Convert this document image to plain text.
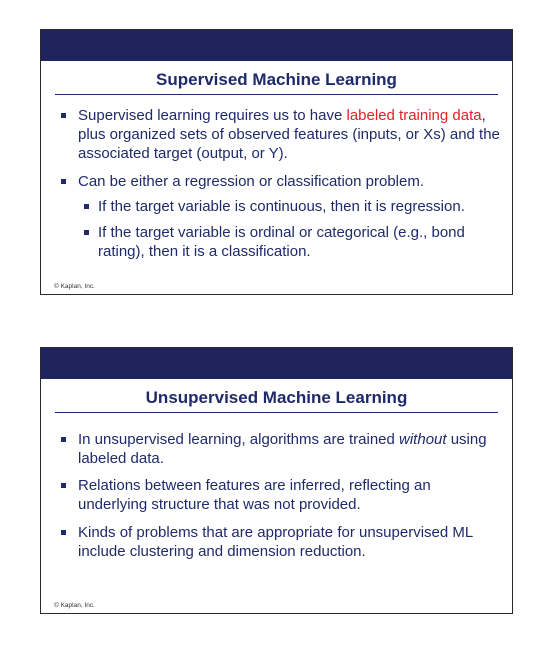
Supervised Machine Learning
Supervised learning requires us to have labeled training data, plus organized sets of observed features (inputs, or Xs) and the associated target (output, or Y).
Can be either a regression or classification problem.
If the target variable is continuous, then it is regression.
If the target variable is ordinal or categorical (e.g., bond rating), then it is a classification.
© Kaplan, Inc.
Unsupervised Machine Learning
In unsupervised learning, algorithms are trained without using labeled data.
Relations between features are inferred, reflecting an underlying structure that was not provided.
Kinds of problems that are appropriate for unsupervised ML include clustering and dimension reduction.
© Kaplan, Inc.
